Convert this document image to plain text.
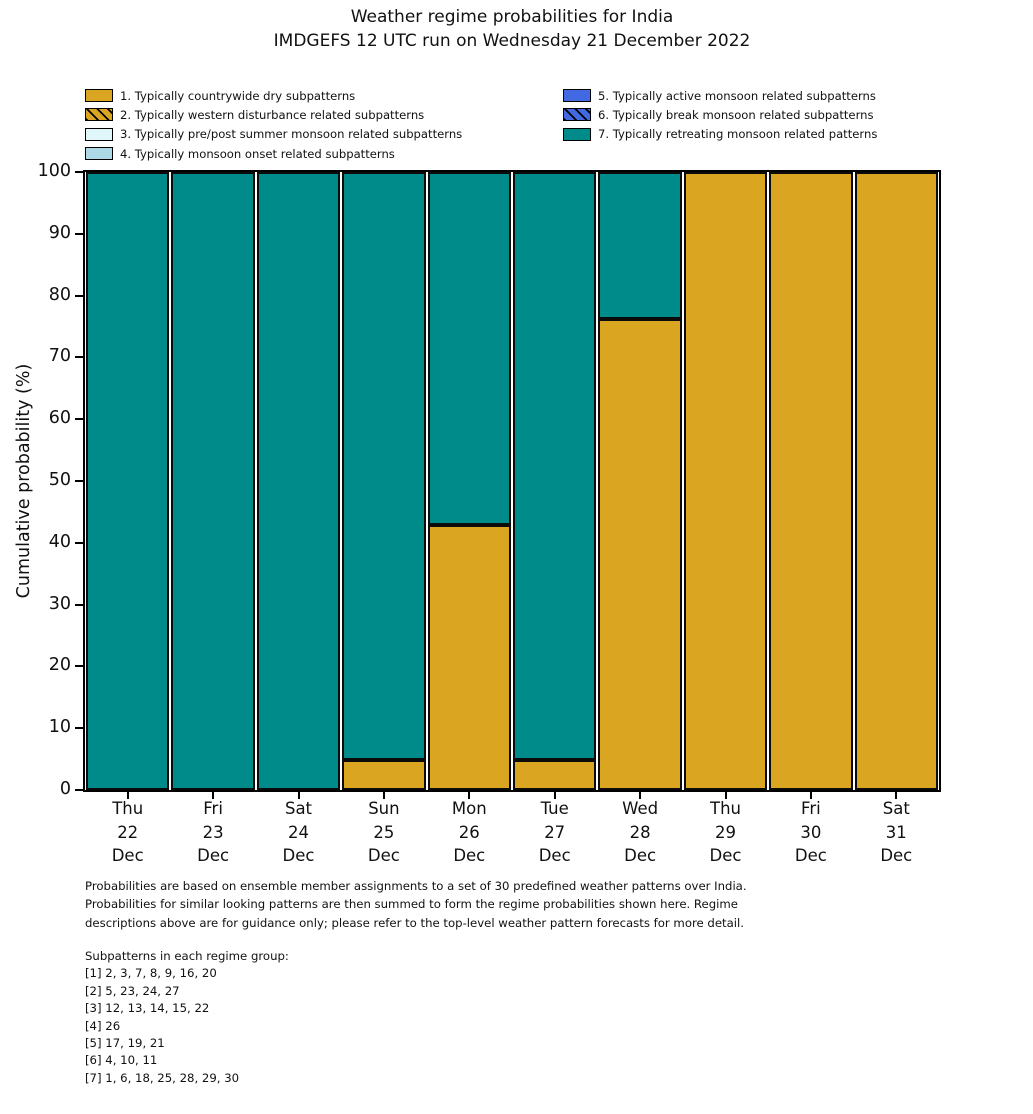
Weather regime probabilities for India
IMDGEFS 12 UTC run on Wednesday 21 December 2022
1. Typically countrywide dry subpatterns
2. Typically western disturbance related subpatterns
3. Typically pre/post summer monsoon related subpatterns
4. Typically monsoon onset related subpatterns
5. Typically active monsoon related subpatterns
6. Typically break monsoon related subpatterns
7. Typically retreating monsoon related patterns
Cumulative probability (%)
Probabilities are based on ensemble member assignments to a set of 30 predefined weather patterns over India.
Probabilities for similar looking patterns are then summed to form the regime probabilities shown here. Regime
descriptions above are for guidance only; please refer to the top-level weather pattern forecasts for more detail.
Subpatterns in each regime group:
[1] 2, 3, 7, 8, 9, 16, 20
[2] 5, 23, 24, 27
[3] 12, 13, 14, 15, 22
[4] 26
[5] 17, 19, 21
[6] 4, 10, 11
[7] 1, 6, 18, 25, 28, 29, 30
0
10
20
30
40
50
60
70
80
90
100
Thu
22
Dec
Fri
23
Dec
Sat
24
Dec
Sun
25
Dec
Mon
26
Dec
Tue
27
Dec
Wed
28
Dec
Thu
29
Dec
Fri
30
Dec
Sat
31
Dec
